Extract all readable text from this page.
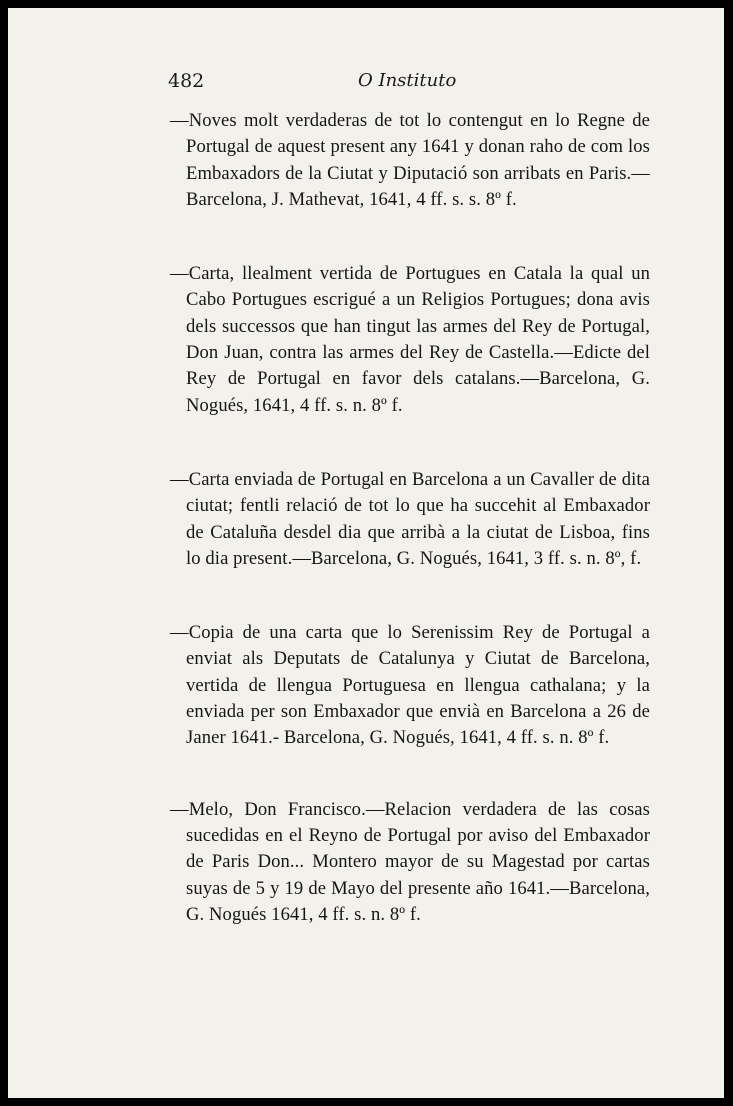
482	O Instituto

—Noves molt verdaderas de tot lo contengut en lo Regne de Portugal de aquest present any 1641 y donan raho de com los Embaxadors de la Ciutat y Diputació son arribats en Paris.—Barcelona, J. Mathevat, 1641, 4 ff. s. s. 8º f.

—Carta, llealment vertida de Portugues en Catala la qual un Cabo Portugues escrigué a un Religios Portugues; dona avis dels successos que han tingut las armes del Rey de Portugal, Don Juan, contra las armes del Rey de Castella.—Edicte del Rey de Portugal en favor dels catalans.—Barcelona, G. Nogués, 1641, 4 ff. s. n. 8º f.

—Carta enviada de Portugal en Barcelona a un Cavaller de dita ciutat; fentli relació de tot lo que ha succehit al Embaxador de Cataluña desdel dia que arribà a la ciutat de Lisboa, fins lo dia present.—Barcelona, G. Nogués, 1641, 3 ff. s. n. 8º, f.

—Copia de una carta que lo Serenissim Rey de Portugal a enviat als Deputats de Catalunya y Ciutat de Barcelona, vertida de llengua Portuguesa en llengua cathalana; y la enviada per son Embaxador que envià en Barcelona a 26 de Janer 1641.- Barcelona, G. Nogués, 1641, 4 ff. s. n. 8º f.

—Melo, Don Francisco.—Relacion verdadera de las cosas sucedidas en el Reyno de Portugal por aviso del Embaxador de Paris Don... Montero mayor de su Magestad por cartas suyas de 5 y 19 de Mayo del presente año 1641.—Barcelona, G. Nogués 1641, 4 ff. s. n. 8º f.
